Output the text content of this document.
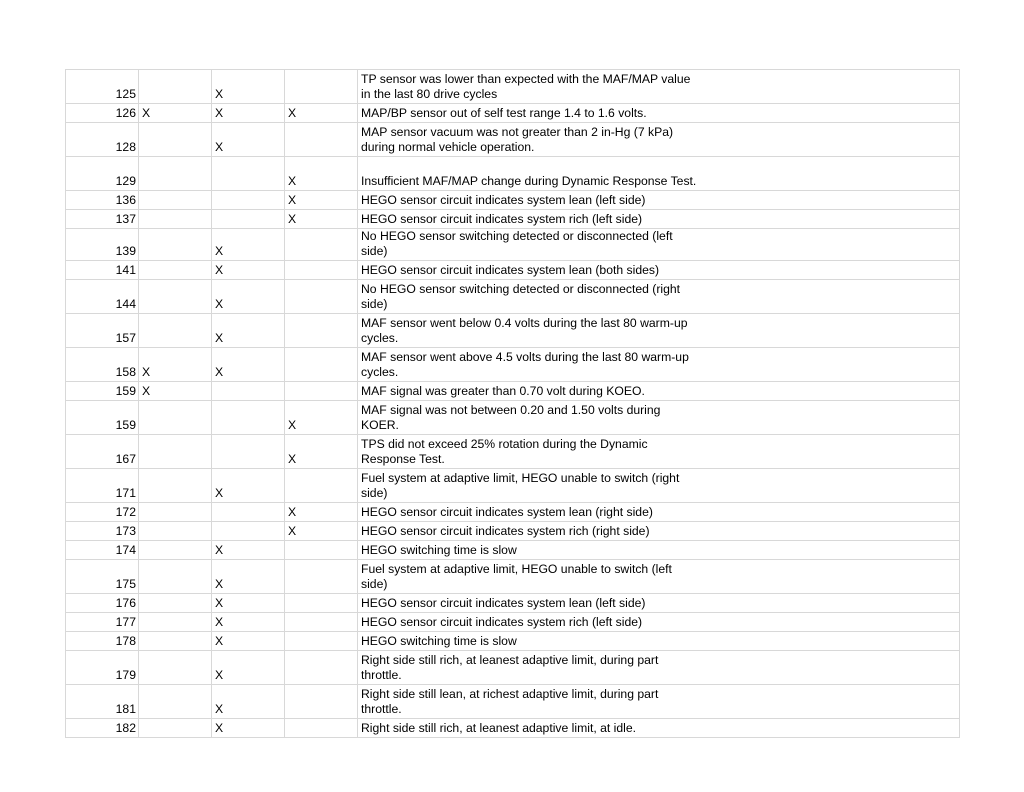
125		X		TP sensor was lower than expected with the MAF/MAP value in the last 80 drive cycles

126	X	X	X	MAP/BP sensor out of self test range 1.4 to 1.6 volts.

128		X		MAP sensor vacuum was not greater than 2 in-Hg (7 kPa) during normal vehicle operation.

129			X	Insufficient MAF/MAP change during Dynamic Response Test.

136			X	HEGO sensor circuit indicates system lean (left side)

137			X	HEGO sensor circuit indicates system rich (left side)

139		X		No HEGO sensor switching detected or disconnected (left side)

141		X		HEGO sensor circuit indicates system lean (both sides)

144		X		No HEGO sensor switching detected or disconnected (right side)

157		X		MAF sensor went below 0.4 volts during the last 80 warm-up cycles.

158	X	X		MAF sensor went above 4.5 volts during the last 80 warm-up cycles.

159	X			MAF signal was greater than 0.70 volt during KOEO.

159			X	MAF signal was not between 0.20 and 1.50 volts during KOER.

167			X	TPS did not exceed 25% rotation during the Dynamic Response Test.

171		X		Fuel system at adaptive limit, HEGO unable to switch (right side)

172			X	HEGO sensor circuit indicates system lean (right side)

173			X	HEGO sensor circuit indicates system rich (right side)

174		X		HEGO switching time is slow

175		X		Fuel system at adaptive limit, HEGO unable to switch (left side)

176		X		HEGO sensor circuit indicates system lean (left side)

177		X		HEGO sensor circuit indicates system rich (left side)

178		X		HEGO switching time is slow

179		X		Right side still rich, at leanest adaptive limit, during part throttle.

181		X		Right side still lean, at richest adaptive limit, during part throttle.

182		X		Right side still rich, at leanest adaptive limit, at idle.
